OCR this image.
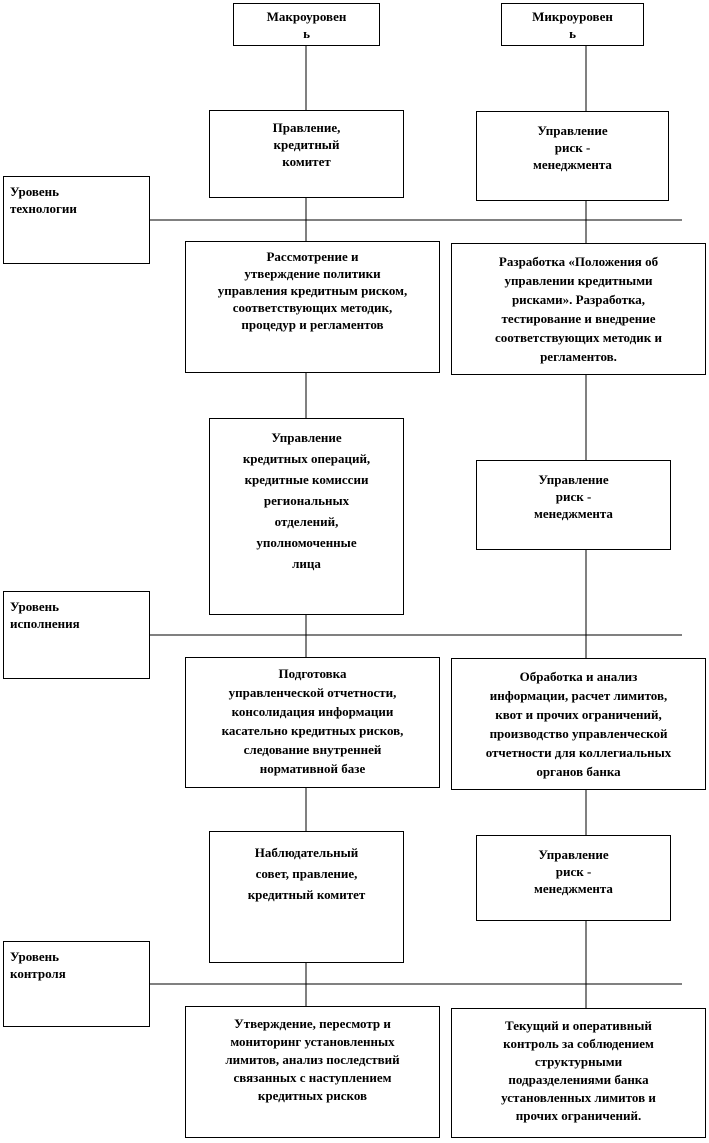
Макроуровен
ь
Микроуровен
ь
Уровень
технологии
Уровень
исполнения
Уровень
контроля
Правление,
кредитный
комитет
Рассмотрение и
утверждение политики
управления кредитным риском,
соответствующих методик,
процедур и регламентов
Управление
кредитных операций,
кредитные комиссии
региональных
отделений,
уполномоченные
лица
Подготовка
управленческой отчетности,
консолидация информации
касательно кредитных рисков,
следование внутренней
нормативной базе
Наблюдательный
совет, правление,
кредитный комитет
Утверждение, пересмотр и
мониторинг установленных
лимитов, анализ последствий
связанных с наступлением
кредитных рисков
Управление
риск -
менеджмента
Разработка «Положения об
управлении кредитными
рисками». Разработка,
тестирование и внедрение
соответствующих методик и
регламентов.
Управление
риск -
менеджмента
Обработка и анализ
информации, расчет лимитов,
квот и прочих ограничений,
производство управленческой
отчетности для коллегиальных
органов банка
Управление
риск -
менеджмента
Текущий и оперативный
контроль за соблюдением
структурными
подразделениями банка
установленных лимитов и
прочих ограничений.
